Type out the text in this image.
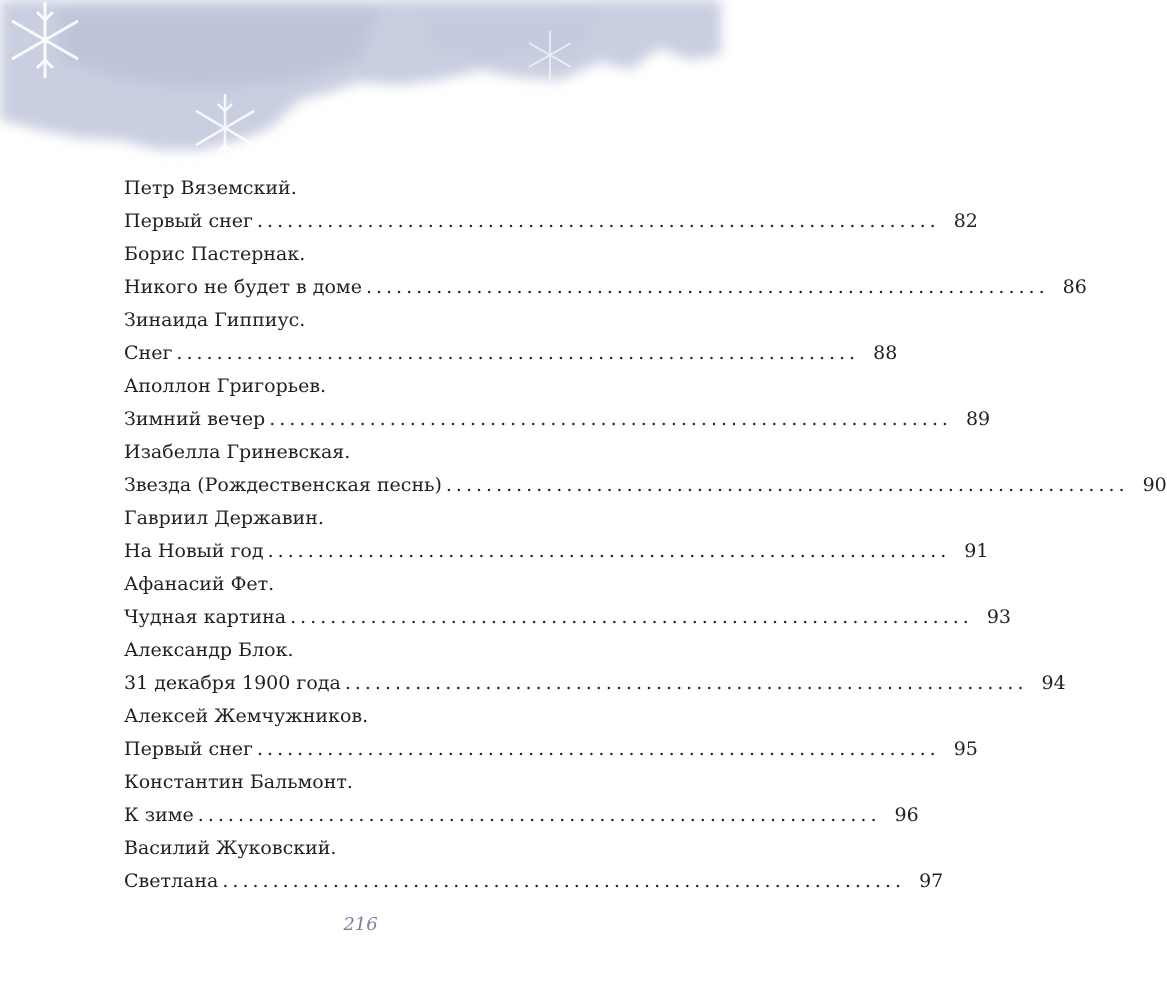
Петр Вяземский.
Первый снег .................................................................... 82
Борис Пастернак.
Никого не будет в доме .................................................................... 86
Зинаида Гиппиус.
Снег .................................................................... 88
Аполлон Григорьев.
Зимний вечер .................................................................... 89
Изабелла Гриневская.
Звезда (Рождественская песнь) .................................................................... 90
Гавриил Державин.
На Новый год .................................................................... 91
Афанасий Фет.
Чудная картина .................................................................... 93
Александр Блок.
31 декабря 1900 года .................................................................... 94
Алексей Жемчужников.
Первый снег .................................................................... 95
Константин Бальмонт.
К зиме .................................................................... 96
Василий Жуковский.
Светлана .................................................................... 97
216
